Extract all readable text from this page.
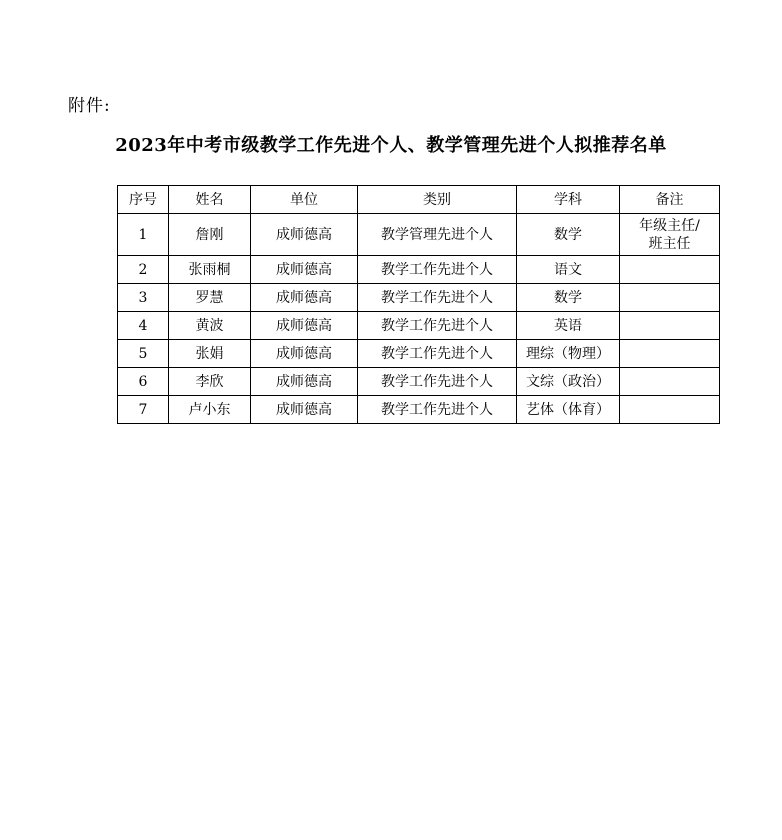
附件:
2023年中考市级教学工作先进个人、教学管理先进个人拟推荐名单
序号	姓名	单位	类别	学科	备注
1	詹刚	成师德高	教学管理先进个人	数学	年级主任/
班主任

2	张雨桐	成师德高	教学工作先进个人	语文	
3	罗慧	成师德高	教学工作先进个人	数学	
4	黄波	成师德高	教学工作先进个人	英语	
5	张娟	成师德高	教学工作先进个人	理综（物理）	
6	李欣	成师德高	教学工作先进个人	文综（政治）	
7	卢小东	成师德高	教学工作先进个人	艺体（体育）	
